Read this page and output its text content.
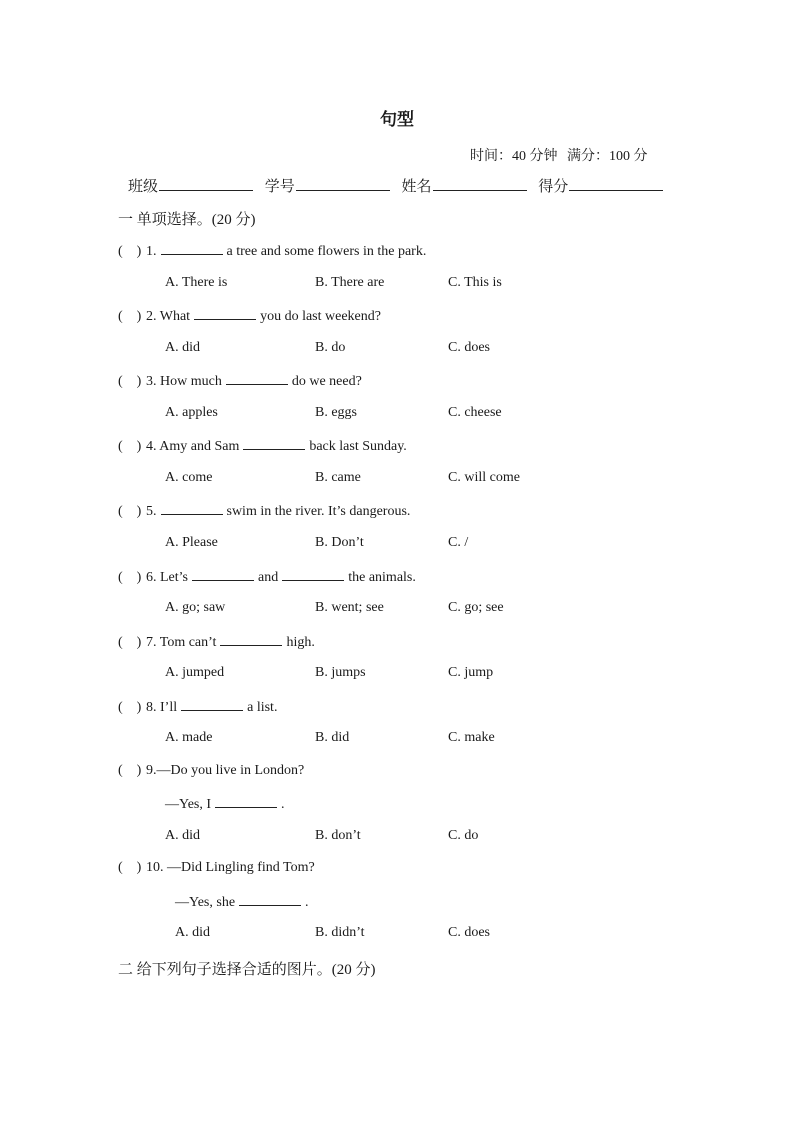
句型
时间：40 分钟 满分：100 分
班级	学号	姓名	得分
一 单项选择。(20 分)
(    ) 1.	a tree and some flowers in the park.
A. There is	B. There are	C. This is
(    ) 2. What	you do last weekend?
A. did	B. do	C. does
(    ) 3. How much	do we need?
A. apples	B. eggs	C. cheese
(    ) 4. Amy and Sam	back last Sunday.
A. come	B. came	C. will come
(    ) 5.	swim in the river. It’s dangerous.
A. Please	B. Don’t	C. /
(    ) 6. Let’s	and	the animals.
A. go; saw	B. went; see	C. go; see
(    ) 7. Tom can’t	high.
A. jumped	B. jumps	C. jump
(    ) 8. I’ll	a list.
A. made	B. did	C. make
(    ) 9.—Do you live in London?
—Yes, I	.
A. did	B. don’t	C. do
(    ) 10. —Did Lingling find Tom?
—Yes, she	.
A. did	B. didn’t	C. does
二 给下列句子选择合适的图片。(20 分)
